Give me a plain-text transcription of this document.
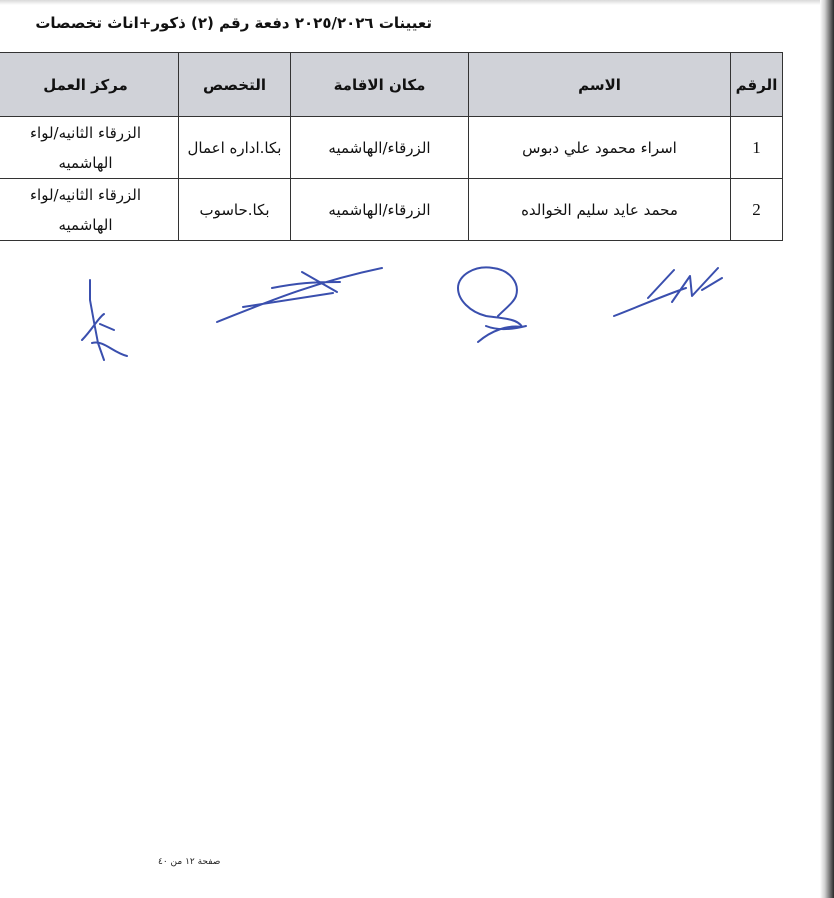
تعيينات ٢٠٢٥/٢٠٢٦ دفعة رقم (٢) ذكور+اناث تخصصات
الرقم	الاسم	مكان الاقامة	التخصص	مركز العمل	
1	اسراء محمود علي دبوس	الزرقاء/الهاشميه	بكا.اداره اعمال	الزرقاء الثانيه/لواء
الهاشميه	

2	محمد عايد سليم الخوالده	الزرقاء/الهاشميه	بكا.حاسوب	الزرقاء الثانيه/لواء
الهاشميه	

صفحة ١٢ من ٤٠
